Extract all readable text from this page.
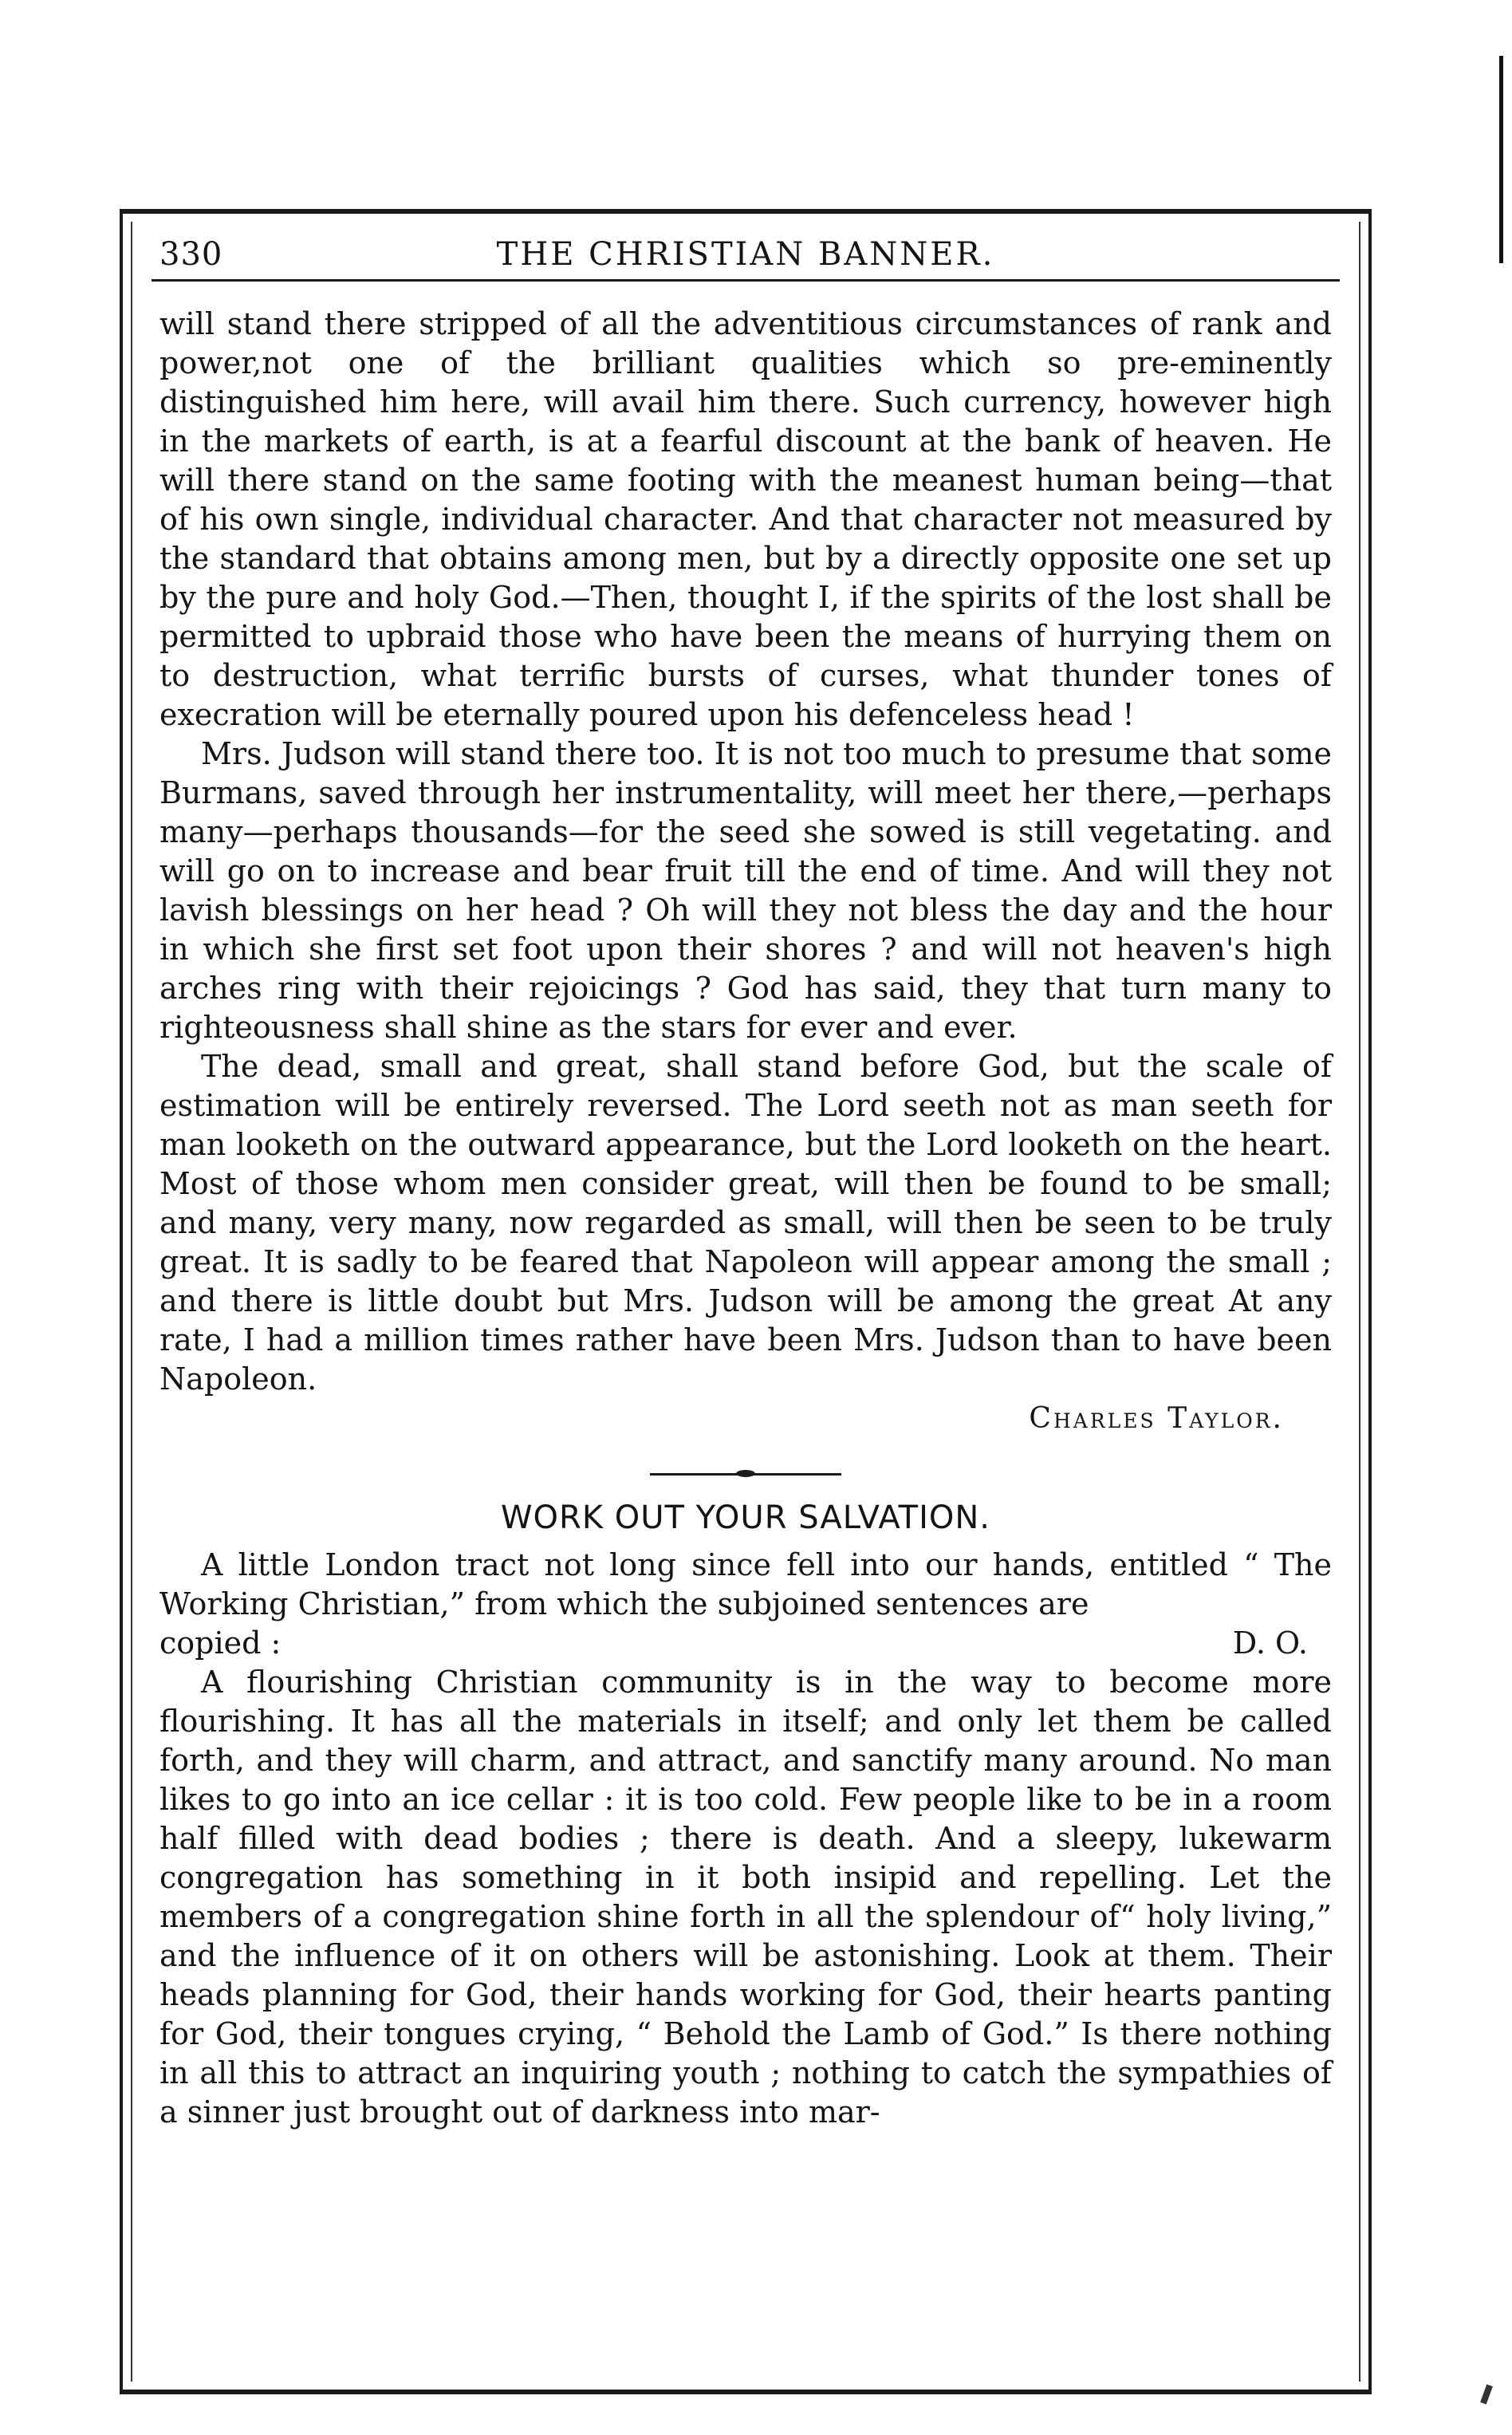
THE CHRISTIAN BANNER.
330

will stand there stripped of all the adventitious circumstances of rank and power,not one of the brilliant qualities which so pre-eminently distinguished him here, will avail him there. Such currency, however high in the markets of earth, is at a fearful discount at the bank of heaven. He will there stand on the same footing with the meanest human being—that of his own single, individual character. And that character not measured by the standard that obtains among men, but by a directly opposite one set up by the pure and holy God.—Then, thought I, if the spirits of the lost shall be permitted to upbraid those who have been the means of hurrying them on to destruction, what terrific bursts of curses, what thunder tones of execration will be eternally poured upon his defenceless head !

Mrs. Judson will stand there too. It is not too much to presume that some Burmans, saved through her instrumentality, will meet her there,—perhaps many—perhaps thousands—for the seed she sowed is still vegetating. and will go on to increase and bear fruit till the end of time. And will they not lavish blessings on her head ? Oh will they not bless the day and the hour in which she first set foot upon their shores ? and will not heaven's high arches ring with their rejoicings ? God has said, they that turn many to righteousness shall shine as the stars for ever and ever.

The dead, small and great, shall stand before God, but the scale of estimation will be entirely reversed. The Lord seeth not as man seeth for man looketh on the outward appearance, but the Lord looketh on the heart. Most of those whom men consider great, will then be found to be small; and many, very many, now regarded as small, will then be seen to be truly great. It is sadly to be feared that Napoleon will appear among the small ; and there is little doubt but Mrs. Judson will be among the great At any rate, I had a million times rather have been Mrs. Judson than to have been Napoleon.

Charles Taylor.
WORK OUT YOUR SALVATION.

A little London tract not long since fell into our hands, entitled “ The Working Christian,” from which the subjoined sentences are

copied :	D. O.

A flourishing Christian community is in the way to become more flourishing. It has all the materials in itself; and only let them be called forth, and they will charm, and attract, and sanctify many around. No man likes to go into an ice cellar : it is too cold. Few people like to be in a room half filled with dead bodies ; there is death. And a sleepy, lukewarm congregation has something in it both insipid and repelling. Let the members of a congregation shine forth in all the splendour of“ holy living,” and the influence of it on others will be astonishing. Look at them. Their heads planning for God, their hands working for God, their hearts panting for God, their tongues crying, “ Behold the Lamb of God.” Is there nothing in all this to attract an inquiring youth ; nothing to catch the sympathies of a sinner just brought out of darkness into mar-
